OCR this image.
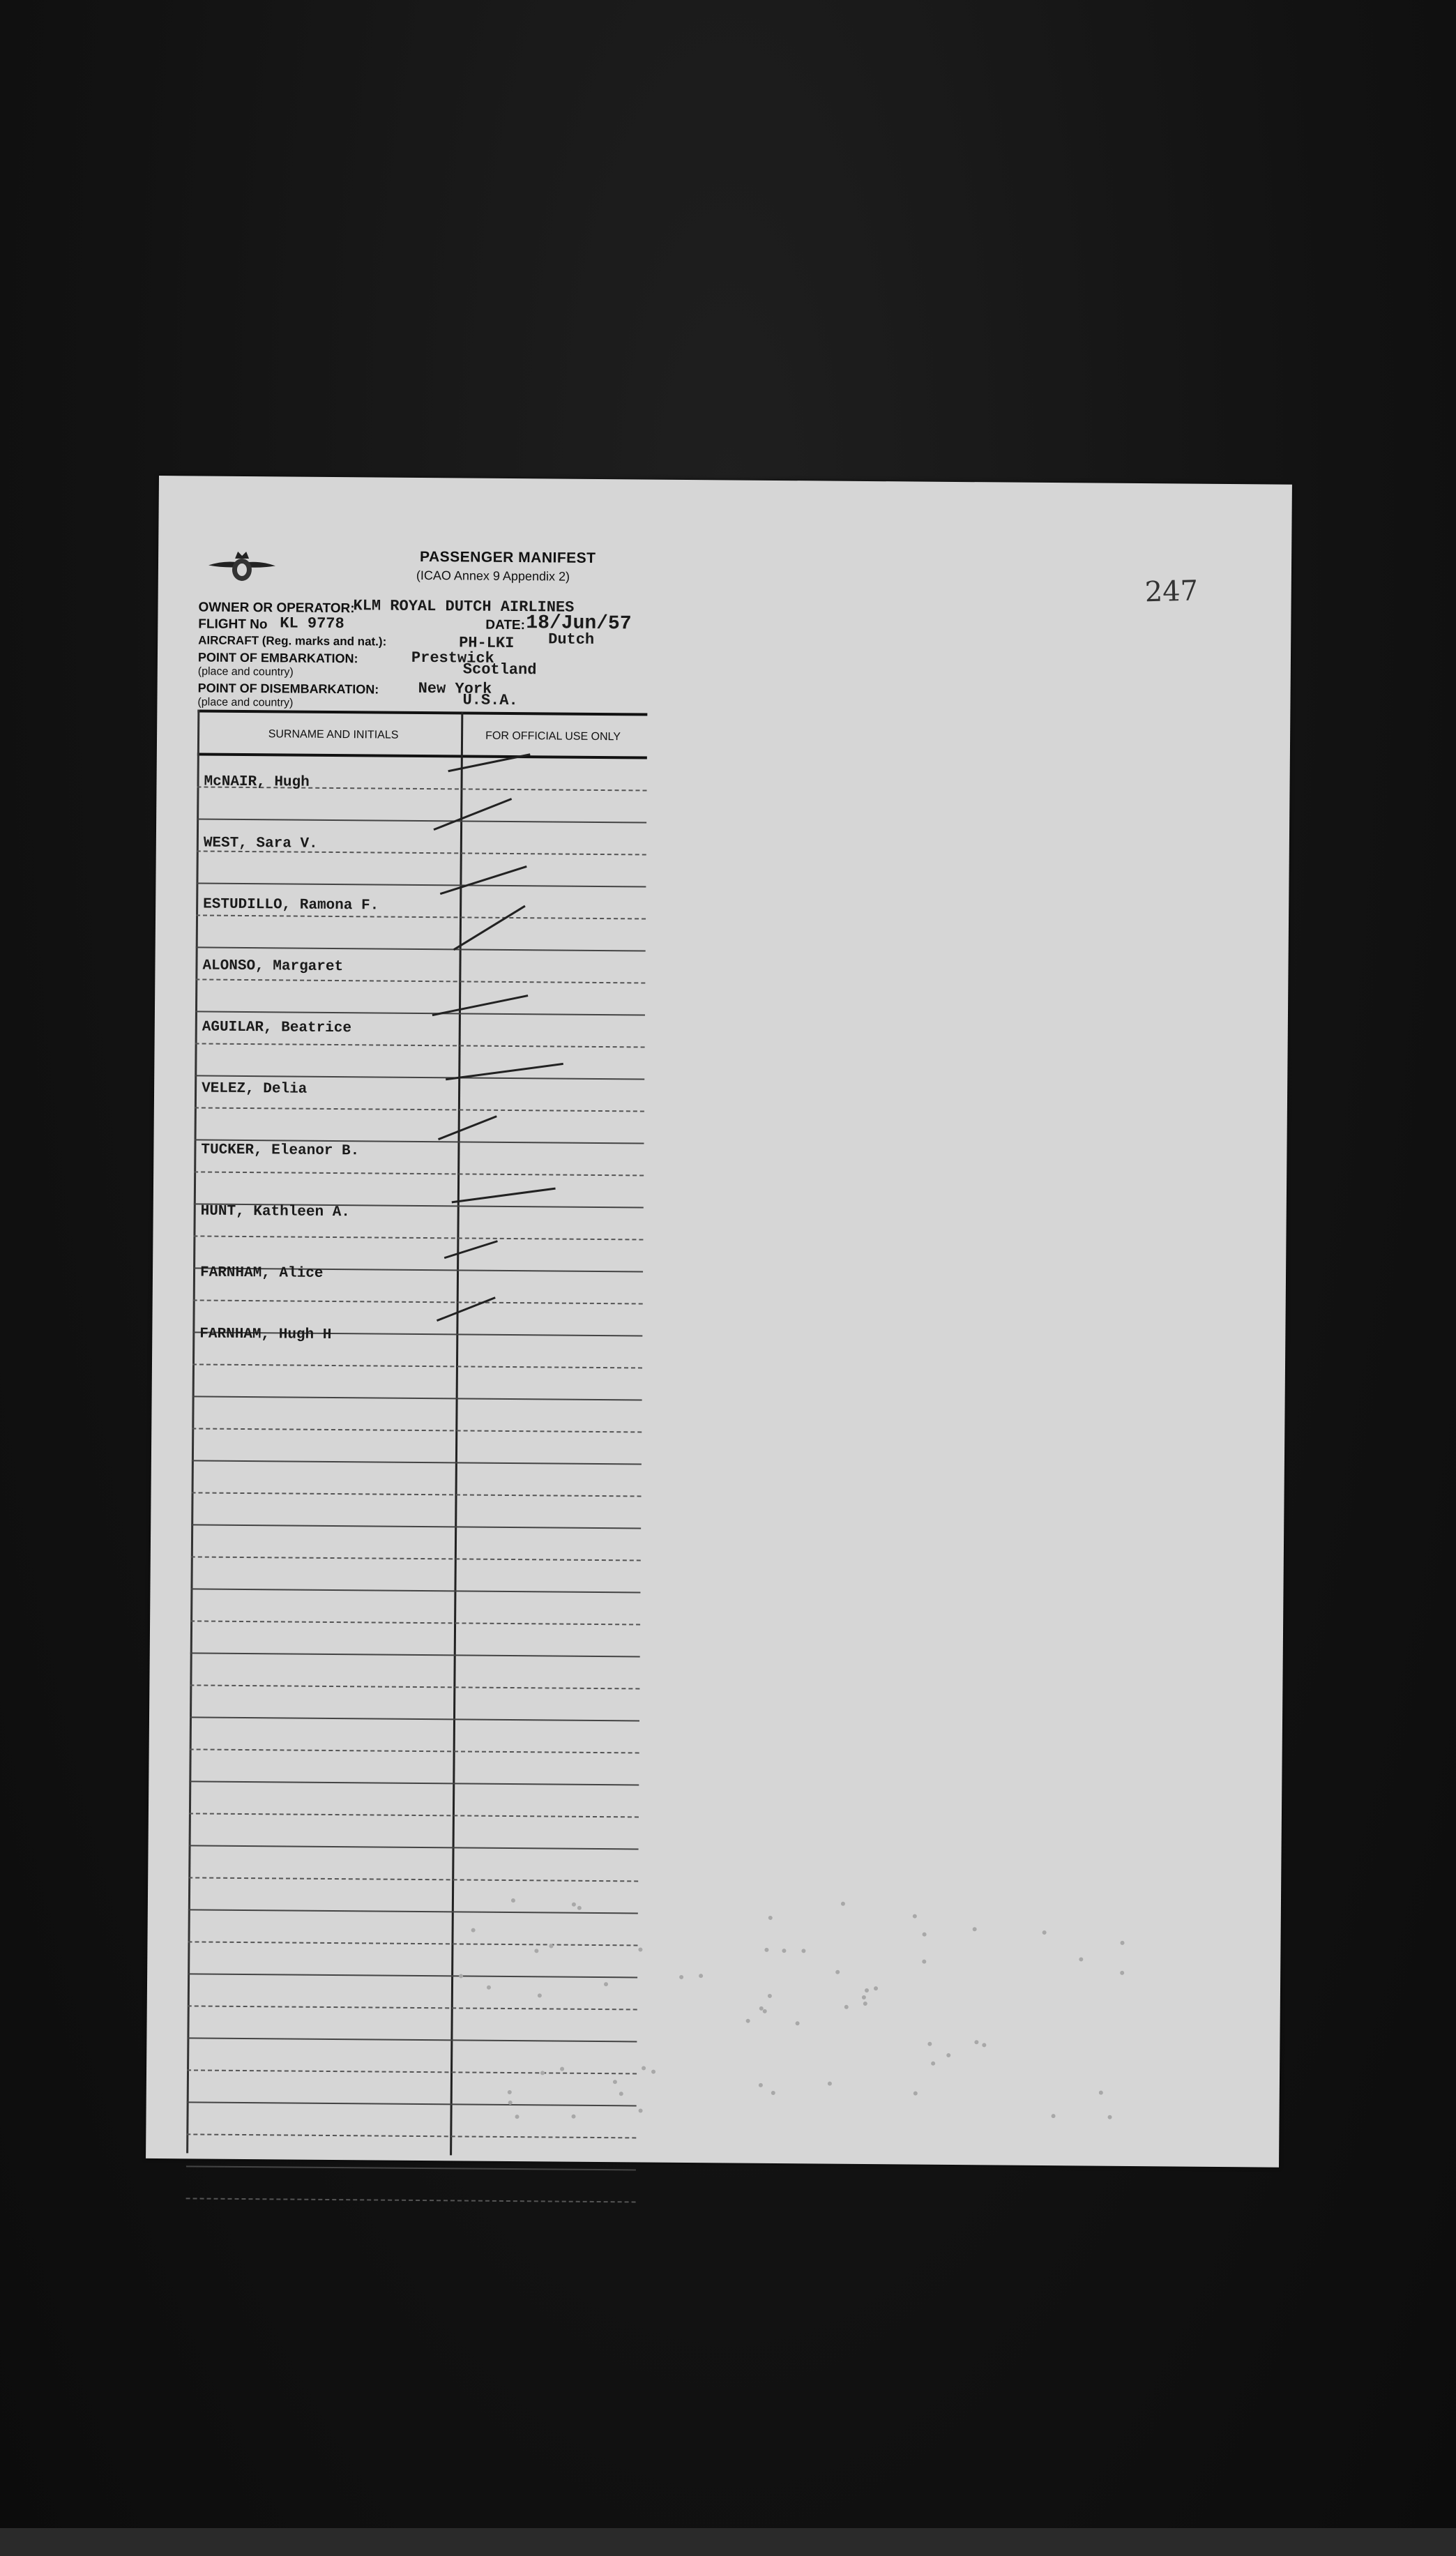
247
PASSENGER MANIFEST
(ICAO Annex 9 Appendix 2)
OWNER OR OPERATOR:
KLM ROYAL DUTCH AIRLINES
FLIGHT No KL 9778	DATE: 18/Jun/57
AIRCRAFT (Reg. marks and nat.):	PH-LKI Dutch
POINT OF EMBARKATION:
(place and country)
Prestwick
Scotland
POINT OF DISEMBARKATION:
(place and country)
New York
U.S.A.
SURNAME AND INITIALS	FOR OFFICIAL USE ONLY
McNAIR, Hugh
WEST, Sara V.
ESTUDILLO, Ramona F.
ALONSO, Margaret
AGUILAR, Beatrice
VELEZ, Delia
TUCKER, Eleanor B.
HUNT, Kathleen A.
FARNHAM, Alice
FARNHAM, Hugh H
